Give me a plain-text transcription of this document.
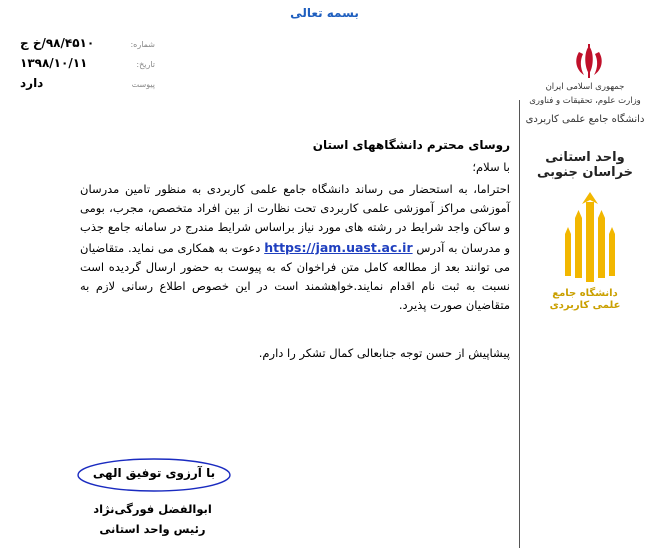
بسمه تعالی
شماره:
۹۸/۴۵۱۰/خ ج
تاریخ:
۱۳۹۸/۱۰/۱۱
پیوست
دارد	جمهوری اسلامی ایران
وزارت علوم، تحقیقات و فناوری
دانشگاه جامع علمی کاربردی
واحد استانی خراسان جنوبی
دانشگاه جامع
علمی کاربردی
روسای محترم دانشگاههای استان
با سلام؛
احتراما، به استحضار می رساند دانشگاه جامع علمی کاربردی به منظور تامین مدرسان آموزشی مراکز آموزشی علمی کاربردی تحت نظارت از بین افراد متخصص، مجرب، بومی و ساکن واجد شرایط در رشته های مورد نیاز براساس شرایط مندرج در سامانه جامع جذب و مدرسان به آدرس https://jam.uast.ac.ir دعوت به همکاری می نماید. متقاضیان می توانند بعد از مطالعه کامل متن فراخوان که به پیوست به حضور ارسال گردیده است نسبت به ثبت نام اقدام نمایند.خواهشمند است در این خصوص اطلاع رسانی لازم به متقاضیان صورت پذیرد.
پیشاپیش از حسن توجه جنابعالی کمال تشکر را دارم.
با آرزوی توفیق الهی
ابوالفضل فورگی‌نژاد
رئیس واحد استانی
